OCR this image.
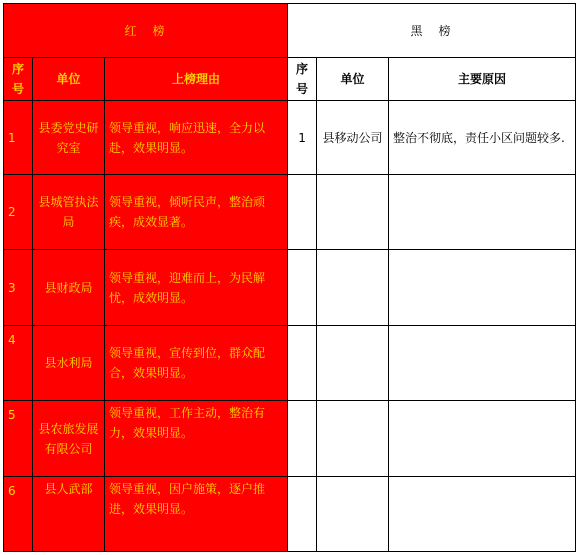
红　榜			黑　榜		
序号	单位	上榜理由	序号	单位	主要原因
1	县委党史研究室	领导重视，响应迅速，全力以赴，效果明显。	1	县移动公司	整治不彻底，责任小区问题较多.
2	县城管执法局	领导重视，倾听民声，整治顽疾，成效显著。			
3	县财政局	领导重视，迎难而上，为民解忧，成效明显。			
4	县水利局	领导重视，宣传到位，群众配合，效果明显。			
5	县农旅发展有限公司	领导重视，工作主动，整治有力，效果明显。			
6	县人武部	领导重视，因户施策，逐户推进，效果明显。			
